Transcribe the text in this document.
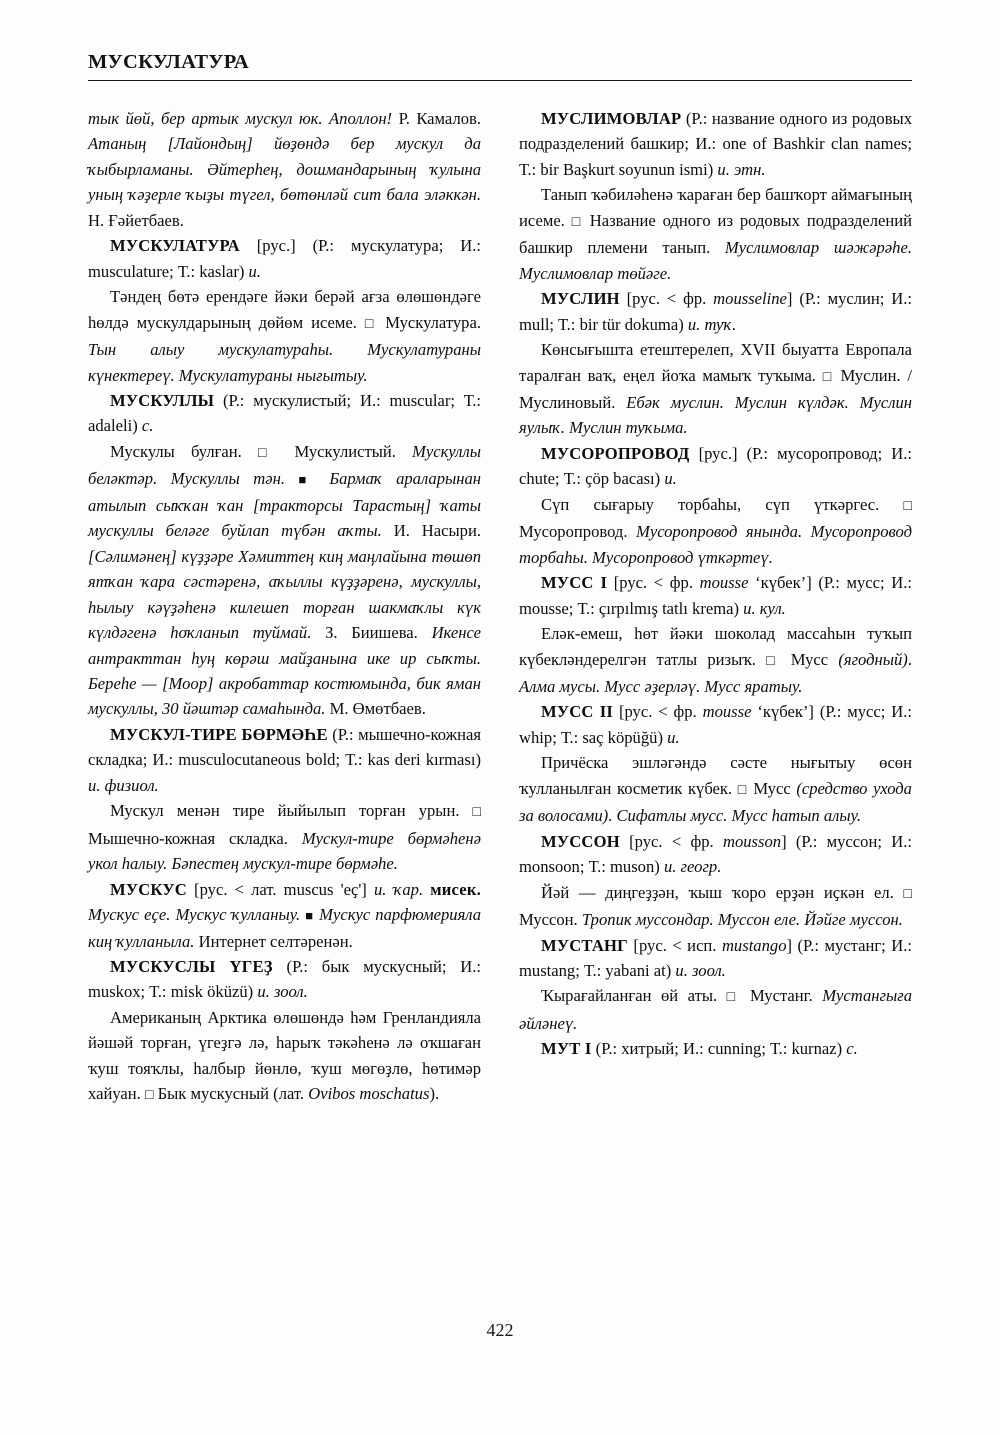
МУСКУЛАТУРА

тык йөй, бер артык мускул юк. Аполлон! Р. Камалов. Атаның [Лайондың] йөҙөндә бер мускул да ҡыбырламаны. Әйтерһең, дошмандарының ҡулына уның ҡәҙерле ҡыҙы түгел, бөтөнләй сит бала эләккән. Н. Ғәйетбаев.

МУСКУЛАТУРА [рус.] (Р.: мускулатура; И.: musculature; Т.: kaslar) и.

Тәндең бөтә ерендәге йәки берәй ағза өлөшөндәге һөлдә мускулдарының дөйөм исеме. □ Мускулатура. Тын алыу мускулатураһы. Мускулатураны күнектереү. Мускулатураны нығытыу.

МУСКУЛЛЫ (Р.: мускулистый; И.: muscular; Т.: adaleli) с.

Мускулы булған. □ Мускулистый. Мускуллы беләктәр. Мускуллы тән. ■ Бармаҡ араларынан атылып сыҡҡан ҡан [тракторсы Тарастың] ҡаты мускуллы беләге буйлап түбән аҡты. И. Насыри. [Сәлимәнең] күҙҙәре Хәмиттең киң маңлайына төшөп ятҡан ҡара сәстәренә, аҡыллы күҙҙәренә, мускуллы, һылыу кәүҙәһенә килешеп торған шакмаҡлы күк күлдәгенә һоҡланып туймай. З. Биишева. Икенсе антракттан һуң көрәш майҙанына ике ир сыҡты. Береһе — [Моор] акробаттар костюмында, бик яман мускуллы, 30 йәштәр самаһында. М. Өмөтбаев.

МУСКУЛ-ТИРЕ БӨРМӘҺЕ (Р.: мышечно-кожная складка; И.: musculocutaneous bold; Т.: kas deri kırması) и. физиол.

Мускул менән тире йыйылып торған урын. □ Мышечно-кожная складка. Мускул-тире бөрмәһенә укол һалыу. Бәпестең мускул-тире бөрмәһе.

МУСКУС [рус. < лат. muscus 'еҫ'] и. ҡар. мисек. Мускус еҫе. Мускус ҡулланыу. ■ Мускус парфюмерияла киң ҡулланыла. Интернет селтәренән.

МУСКУСЛЫ ҮГЕҘ (Р.: бык мускусный; И.: muskox; Т.: misk öküzü) и. зоол.

Американың Арктика өлөшөндә һәм Гренландияла йәшәй торған, үгеҙгә лә, һарыҡ тәкәһенә лә оҡшаған ҡуш тояҡлы, һалбыр йөнлө, ҡуш мөгөҙлө, һөтимәр хайуан. □ Бык мускусный (лат. Ovibos moschatus).

МУСЛИМОВЛАР (Р.: название одного из родовых подразделений башкир; И.: one of Bashkir clan names; Т.: bir Başkurt soyunun ismi) и. этн.

Танып ҡәбиләһенә ҡараған бер башҡорт аймағының исеме. □ Название одного из родовых подразделений башкир племени танып. Муслимовлар шәжәрәһе. Муслимовлар төйәге.

МУСЛИН [рус. < фр. mousseline] (Р.: муслин; И.: mull; Т.: bir tür dokuma) и. туҡ.

Көнсығышта етештерелеп, XVII быуатта Европала таралған ваҡ, еңел йоҡа мамыҡ туҡыма. □ Муслин. / Муслиновый. Ебәк муслин. Муслин күлдәк. Муслин яулыҡ. Муслин туҡыма.

МУСОРОПРОВОД [рус.] (Р.: мусоропровод; И.: chute; Т.: çöp bacası) и.

Сүп сығарыу торбаһы, сүп үткәргес. □ Мусоропровод. Мусоропровод янында. Мусоропровод торбаһы. Мусоропровод үткәртеү.

МУСС I [рус. < фр. mousse ‘күбек’] (Р.: мусс; И.: mousse; Т.: çırpılmış tatlı krema) и. кул.

Еләк-емеш, һөт йәки шоколад массаһын туҡып күбекләндерелгән татлы ризыҡ. □ Мусс (ягодный). Алма мусы. Мусс әҙерләү. Мусс яратыу.

МУСС II [рус. < фр. mousse ‘күбек’] (Р.: мусс; И.: whip; Т.: saç köpüğü) и.

Причёска эшләгәндә сәсте нығытыу өсөн ҡулланылған косметик күбек. □ Мусс (средство ухода за волосами). Сифатлы мусс. Мусс һатып алыу.

МУССОН [рус. < фр. mousson] (Р.: муссон; И.: monsoon; Т.: muson) и. геогр.

Йәй — диңгеҙҙән, ҡыш ҡоро ерҙән иҫкән ел. □ Муссон. Тропик муссондар. Муссон еле. Йәйге муссон.

МУСТАНГ [рус. < исп. mustango] (Р.: мустанг; И.: mustang; Т.: yabani at) и. зоол.

Ҡырағайланған өй аты. □ Мустанг. Мустангыға әйләнеү.

МУТ I (Р.: хитрый; И.: cunning; Т.: kurnaz) с.

422
